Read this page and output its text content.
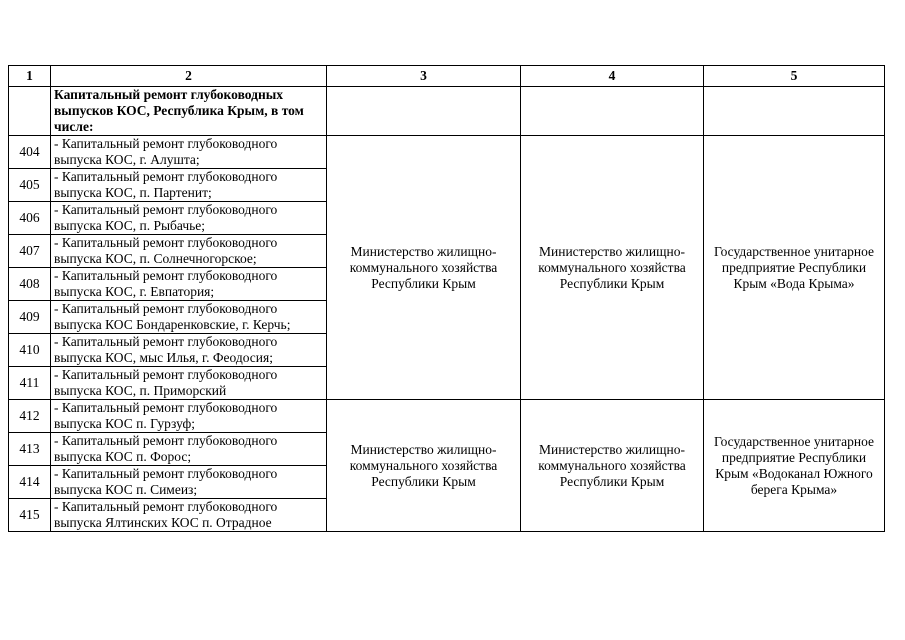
1	2	3	4	5
	Капитальный ремонт глубоководных выпусков КОС, Республика Крым, в том числе:			
404	- Капитальный ремонт глубоководного выпуска КОС, г. Алушта;	Министерство жилищно-коммунального хозяйства Республики Крым	Министерство жилищно-коммунального хозяйства Республики Крым	Государственное унитарное предприятие Республики Крым «Вода Крыма»
405	- Капитальный ремонт глубоководного выпуска КОС, п. Партенит;			
406	- Капитальный ремонт глубоководного выпуска КОС, п. Рыбачье;			
407	- Капитальный ремонт глубоководного выпуска КОС, п. Солнечногорское;			
408	- Капитальный ремонт глубоководного выпуска КОС, г. Евпатория;			
409	- Капитальный ремонт глубоководного выпуска КОС Бондаренковские, г. Керчь;			
410	- Капитальный ремонт глубоководного выпуска КОС, мыс Илья, г. Феодосия;			
411	- Капитальный ремонт глубоководного выпуска КОС, п. Приморский			
412	- Капитальный ремонт глубоководного выпуска КОС п. Гурзуф;	Министерство жилищно-коммунального хозяйства Республики Крым	Министерство жилищно-коммунального хозяйства Республики Крым	Государственное унитарное предприятие Республики Крым «Водоканал Южного берега Крыма»
413	- Капитальный ремонт глубоководного выпуска КОС п. Форос;			
414	- Капитальный ремонт глубоководного выпуска КОС п. Симеиз;			
415	- Капитальный ремонт глубоководного выпуска Ялтинских КОС п. Отрадное			
